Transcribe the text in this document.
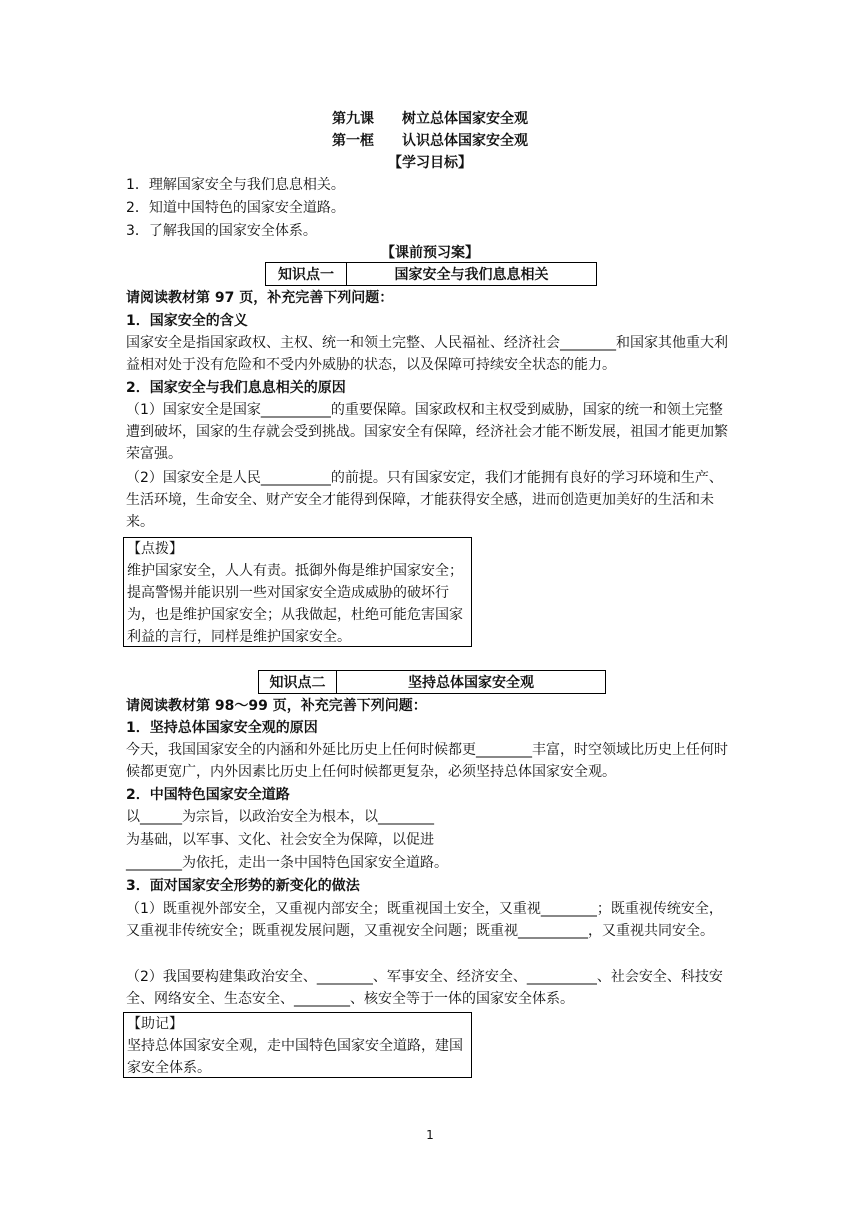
第九课　　树立总体国家安全观
第一框　　认识总体国家安全观
【学习目标】
1．理解国家安全与我们息息相关。
2．知道中国特色的国家安全道路。
3．了解我国的国家安全体系。
【课前预习案】
知识点一	国家安全与我们息息相关
请阅读教材第 97 页，补充完善下列问题：
1．国家安全的含义
国家安全是指国家政权、主权、统一和领土完整、人民福祉、经济社会________和国家其他重大利益相对处于没有危险和不受内外威胁的状态，以及保障可持续安全状态的能力。
2．国家安全与我们息息相关的原因
（1）国家安全是国家__________的重要保障。国家政权和主权受到威胁，国家的统一和领土完整遭到破坏，国家的生存就会受到挑战。国家安全有保障，经济社会才能不断发展，祖国才能更加繁荣富强。
（2）国家安全是人民__________的前提。只有国家安定，我们才能拥有良好的学习环境和生产、生活环境，生命安全、财产安全才能得到保障，才能获得安全感，进而创造更加美好的生活和未来。
【点拨】
维护国家安全，人人有责。抵御外侮是维护国家安全；提高警惕并能识别一些对国家安全造成威胁的破坏行为，也是维护国家安全；从我做起，杜绝可能危害国家利益的言行，同样是维护国家安全。
知识点二	坚持总体国家安全观
请阅读教材第 98～99 页，补充完善下列问题：
1．坚持总体国家安全观的原因
今天，我国国家安全的内涵和外延比历史上任何时候都更________丰富，时空领域比历史上任何时候都更宽广，内外因素比历史上任何时候都更复杂，必须坚持总体国家安全观。
2．中国特色国家安全道路
以______为宗旨，以政治安全为根本，以________
为基础，以军事、文化、社会安全为保障，以促进
________为依托，走出一条中国特色国家安全道路。
3．面对国家安全形势的新变化的做法
（1）既重视外部安全，又重视内部安全；既重视国土安全，又重视________；既重视传统安全，又重视非传统安全；既重视发展问题，又重视安全问题；既重视__________，又重视共同安全。
（2）我国要构建集政治安全、________、军事安全、经济安全、__________、社会安全、科技安全、网络安全、生态安全、________、核安全等于一体的国家安全体系。
【助记】
坚持总体国家安全观，走中国特色国家安全道路，建国家安全体系。
1
